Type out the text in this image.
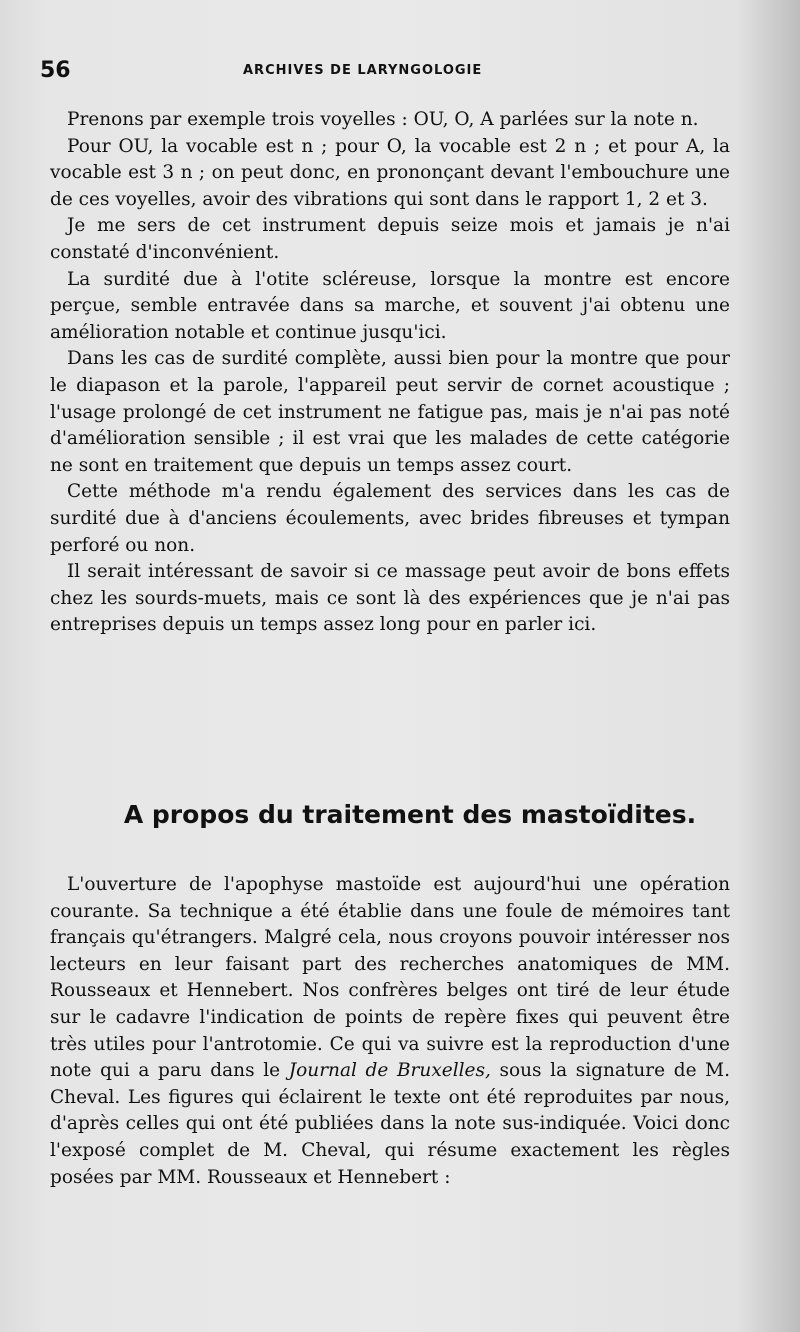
56	ARCHIVES DE LARYNGOLOGIE

Prenons par exemple trois voyelles : OU, O, A parlées sur la note n.

Pour OU, la vocable est n ; pour O, la vocable est 2 n ; et pour A, la vocable est 3 n ; on peut donc, en prononçant devant l'embouchure une de ces voyelles, avoir des vibrations qui sont dans le rapport 1, 2 et 3.

Je me sers de cet instrument depuis seize mois et jamais je n'ai constaté d'inconvénient.

La surdité due à l'otite scléreuse, lorsque la montre est encore perçue, semble entravée dans sa marche, et souvent j'ai obtenu une amélioration notable et continue jusqu'ici.

Dans les cas de surdité complète, aussi bien pour la montre que pour le diapason et la parole, l'appareil peut servir de cornet acoustique ; l'usage prolongé de cet instrument ne fatigue pas, mais je n'ai pas noté d'amélioration sensible ; il est vrai que les malades de cette catégorie ne sont en traitement que depuis un temps assez court.

Cette méthode m'a rendu également des services dans les cas de surdité due à d'anciens écoulements, avec brides fibreuses et tympan perforé ou non.

Il serait intéressant de savoir si ce massage peut avoir de bons effets chez les sourds-muets, mais ce sont là des expériences que je n'ai pas entreprises depuis un temps assez long pour en parler ici.

A propos du traitement des mastoïdites.

L'ouverture de l'apophyse mastoïde est aujourd'hui une opération courante. Sa technique a été établie dans une foule de mémoires tant français qu'étrangers. Malgré cela, nous croyons pouvoir intéresser nos lecteurs en leur faisant part des recherches anatomiques de MM. Rousseaux et Hennebert. Nos confrères belges ont tiré de leur étude sur le cadavre l'indication de points de repère fixes qui peuvent être très utiles pour l'antrotomie. Ce qui va suivre est la reproduction d'une note qui a paru dans le Journal de Bruxelles, sous la signature de M. Cheval. Les figures qui éclairent le texte ont été reproduites par nous, d'après celles qui ont été publiées dans la note sus-indiquée. Voici donc l'exposé complet de M. Cheval, qui résume exactement les règles posées par MM. Rousseaux et Hennebert :
